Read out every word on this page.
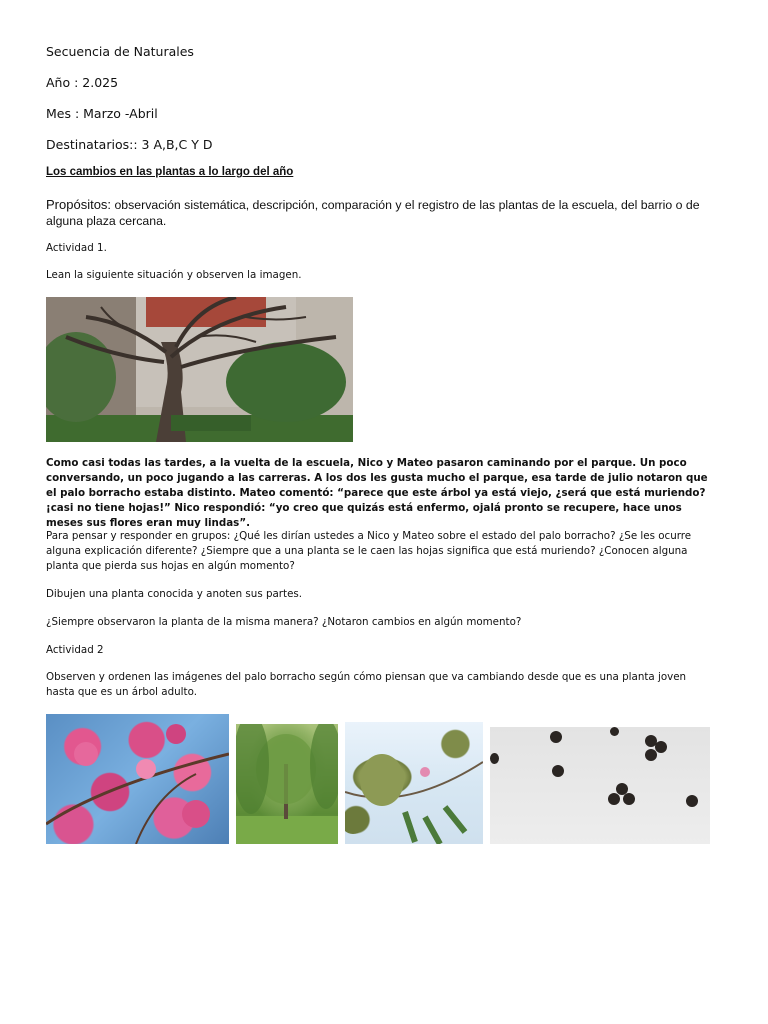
Secuencia de Naturales

Año : 2.025

Mes : Marzo -Abril

Destinatarios:: 3 A,B,C Y D

Los cambios en las plantas a lo largo del año

Propósitos: observación sistemática, descripción, comparación y el registro de las plantas de la escuela, del barrio o de alguna plaza cercana.

Actividad 1.

Lean la siguiente situación y observen la imagen.

Como casi todas las tardes, a la vuelta de la escuela, Nico y Mateo pasaron caminando por el parque. Un poco conversando, un poco jugando a las carreras. A los dos les gusta mucho el parque, esa tarde de julio notaron que el palo borracho estaba distinto. Mateo comentó: “parece que este árbol ya está viejo, ¿será que está muriendo? ¡casi no tiene hojas!” Nico respondió: “yo creo que quizás está enfermo, ojalá pronto se recupere, hace unos meses sus flores eran muy lindas”.

Para pensar y responder en grupos: ¿Qué les dirían ustedes a Nico y Mateo sobre el estado del palo borracho? ¿Se les ocurre alguna explicación diferente? ¿Siempre que a una planta se le caen las hojas significa que está muriendo? ¿Conocen alguna planta que pierda sus hojas en algún momento?

Dibujen una planta conocida y anoten sus partes.

¿Siempre observaron la planta de la misma manera? ¿Notaron cambios en algún momento?

Actividad 2

Observen y ordenen las imágenes del palo borracho según cómo piensan que va cambiando desde que es una planta joven hasta que es un árbol adulto.
